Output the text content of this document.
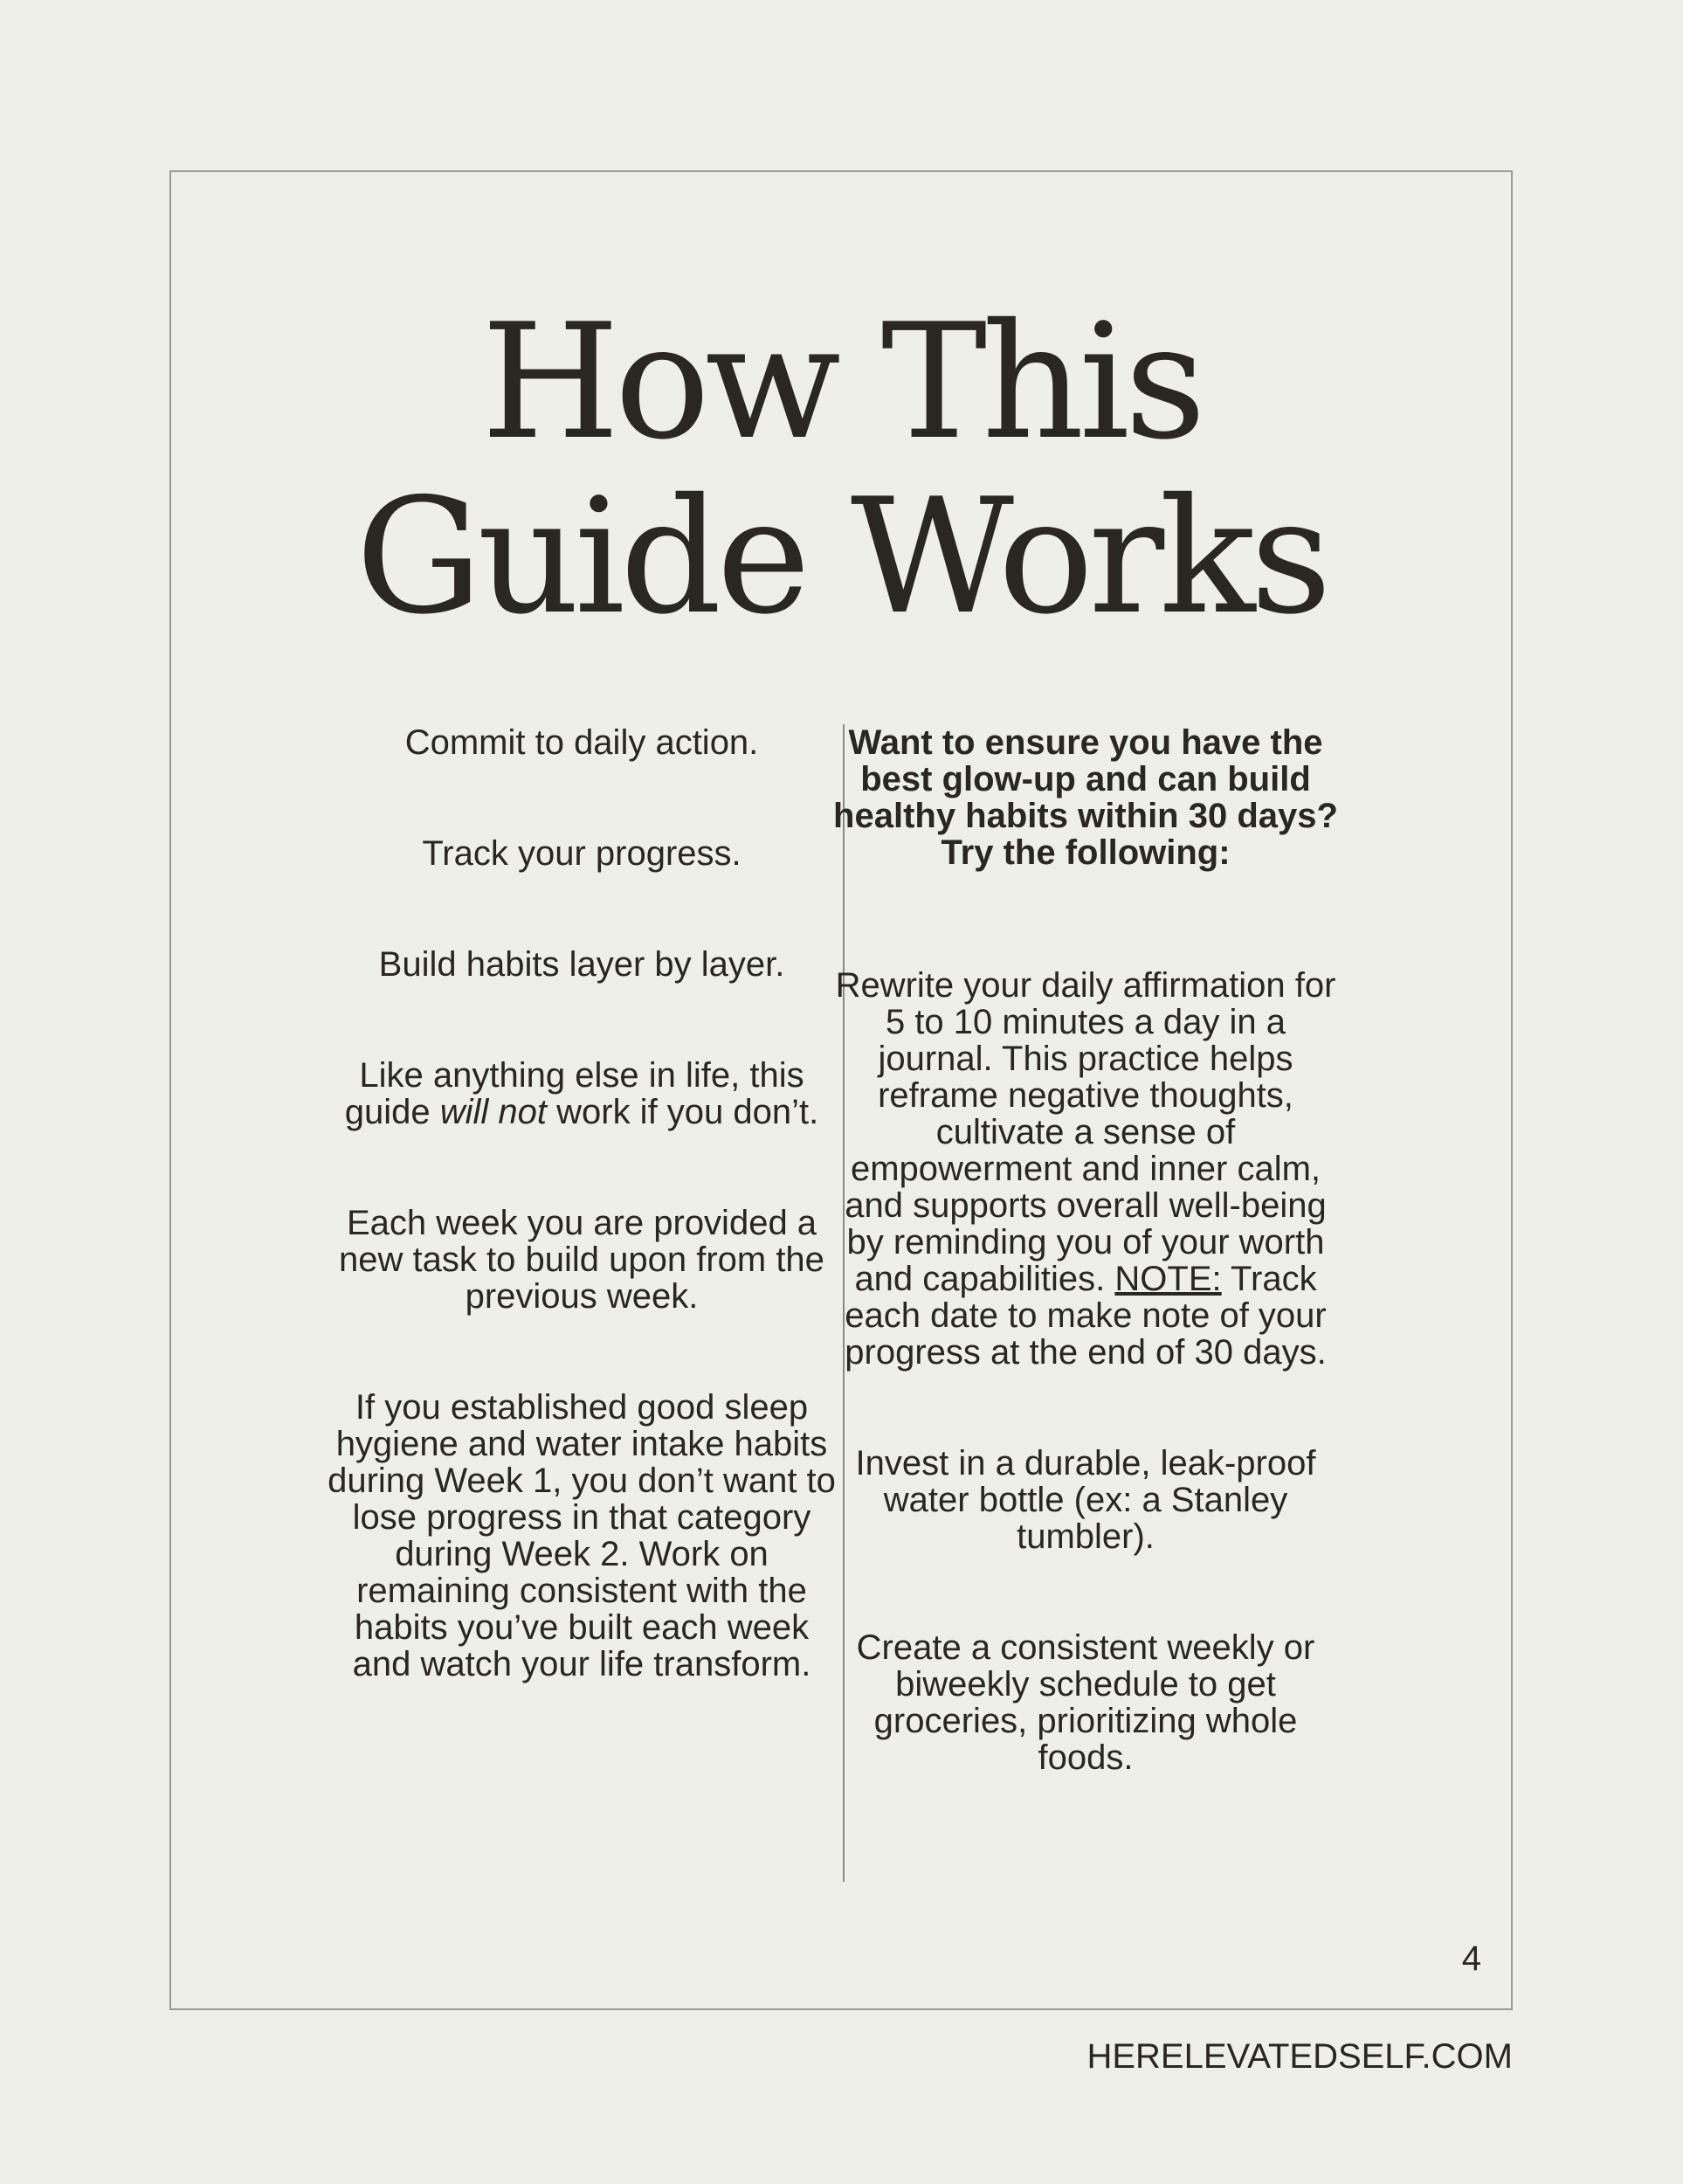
How This
Guide Works

Commit to daily action.

Track your progress.

Build habits layer by layer.

Like anything else in life, this guide will not work if you don’t.

Each week you are provided a new task to build upon from the previous week.

If you established good sleep hygiene and water intake habits during Week 1, you don’t want to lose progress in that category during Week 2. Work on remaining consistent with the habits you’ve built each week and watch your life transform.

Want to ensure you have the best glow-up and can build healthy habits within 30 days? Try the following:

Rewrite your daily affirmation for 5 to 10 minutes a day in a journal. This practice helps reframe negative thoughts, cultivate a sense of empowerment and inner calm, and supports overall well-being by reminding you of your worth and capabilities. NOTE: Track each date to make note of your progress at the end of 30 days.

Invest in a durable, leak-proof water bottle (ex: a Stanley tumbler).

Create a consistent weekly or biweekly schedule to get groceries, prioritizing whole foods.

4
HERELEVATEDSELF.COM
